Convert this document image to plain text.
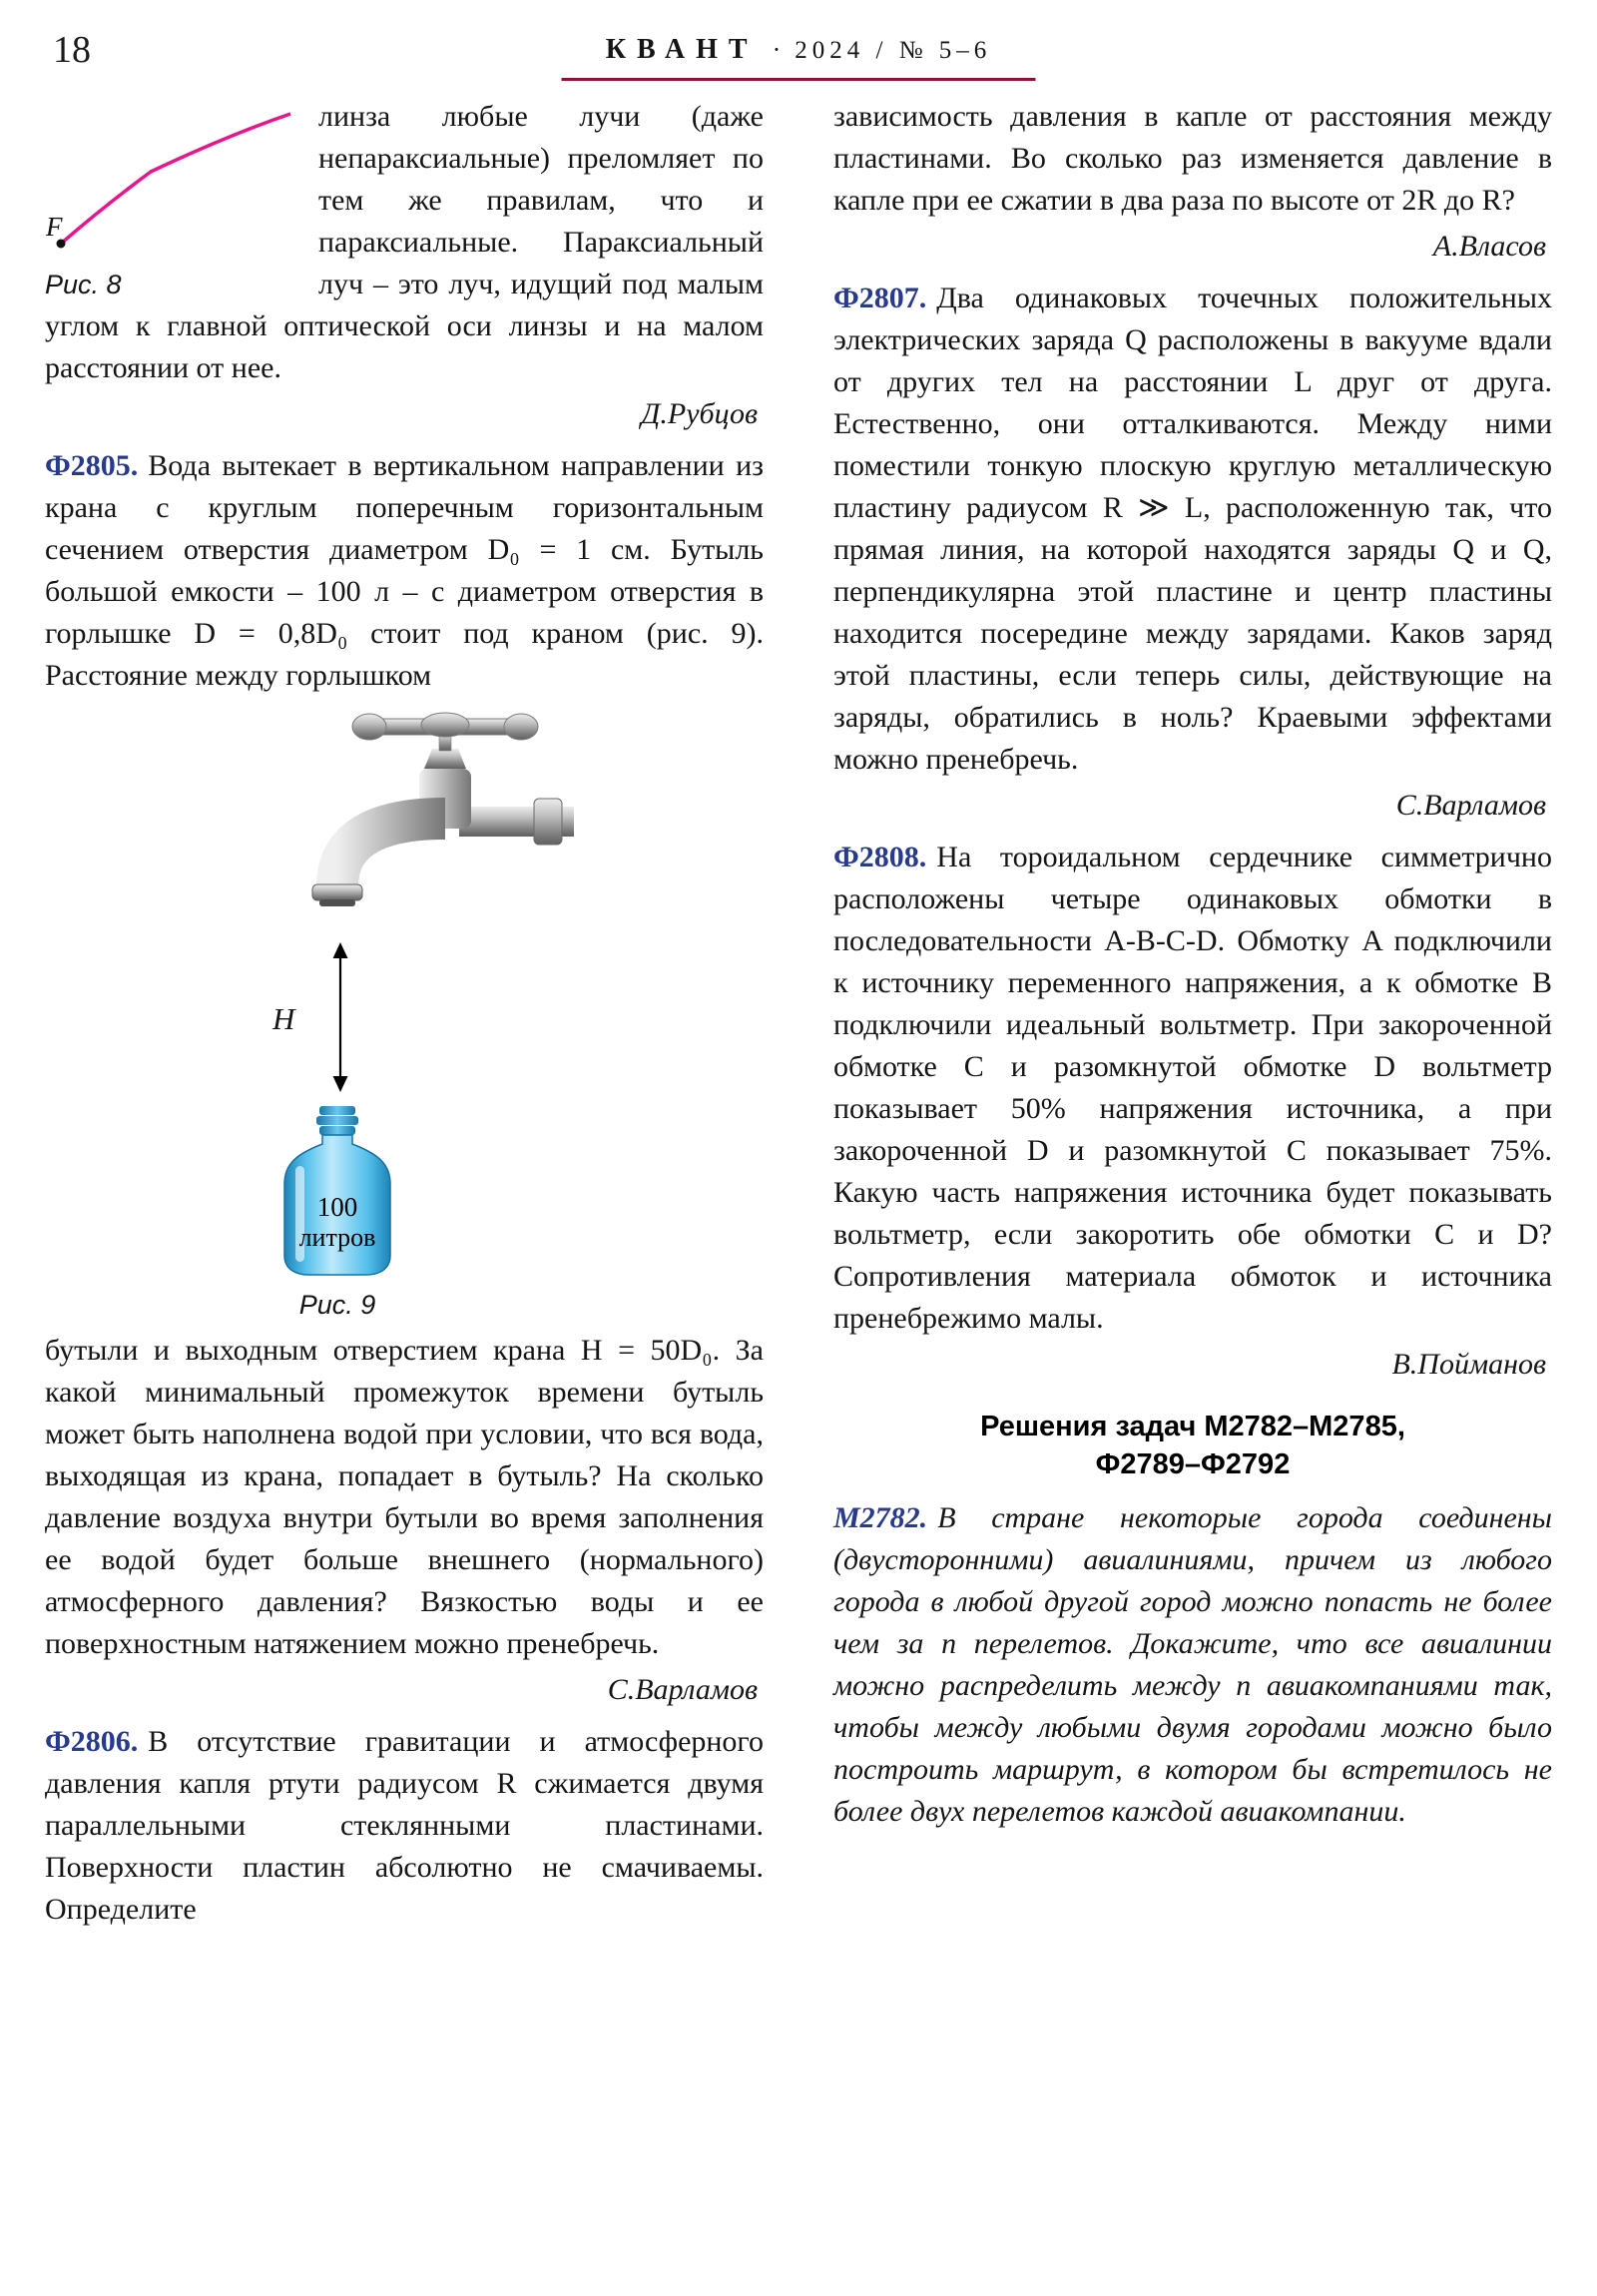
18	КВАНТ · 2024 / № 5–6
F
Рис. 8

линза любые лучи (даже непараксиальные) преломляет по тем же правилам, что и параксиальные. Параксиальный луч – это луч, идущий под малым углом к главной оптической оси линзы и на малом расстоянии от нее.

Д.Рубцов

Ф2805. Вода вытекает в вертикальном направлении из крана с круглым поперечным горизонтальным сечением отверстия диаметром D₀ = 1 см. Бутыль большой емкости – 100 л – с диаметром отверстия в горлышке D = 0,8D₀ стоит под краном (рис. 9). Расстояние между горлышком

H
100
литров
Рис. 9

бутыли и выходным отверстием крана H = 50D₀. За какой минимальный промежуток времени бутыль может быть наполнена водой при условии, что вся вода, выходящая из крана, попадает в бутыль? На сколько давление воздуха внутри бутыли во время заполнения ее водой будет больше внешнего (нормального) атмосферного давления? Вязкостью воды и ее поверхностным натяжением можно пренебречь.

С.Варламов

Ф2806. В отсутствие гравитации и атмосферного давления капля ртути радиусом R сжимается двумя параллельными стеклянными пластинами. Поверхности пластин абсолютно не смачиваемы. Определите

зависимость давления в капле от расстояния между пластинами. Во сколько раз изменяется давление в капле при ее сжатии в два раза по высоте от 2R до R?

А.Власов

Ф2807. Два одинаковых точечных положительных электрических заряда Q расположены в вакууме вдали от других тел на расстоянии L друг от друга. Естественно, они отталкиваются. Между ними поместили тонкую плоскую круглую металлическую пластину радиусом R ≫ L, расположенную так, что прямая линия, на которой находятся заряды Q и Q, перпендикулярна этой пластине и центр пластины находится посередине между зарядами. Каков заряд этой пластины, если теперь силы, действующие на заряды, обратились в ноль? Краевыми эффектами можно пренебречь.

С.Варламов

Ф2808. На тороидальном сердечнике симметрично расположены четыре одинаковых обмотки в последовательности A-B-C-D. Обмотку A подключили к источнику переменного напряжения, а к обмотке B подключили идеальный вольтметр. При закороченной обмотке C и разомкнутой обмотке D вольтметр показывает 50% напряжения источника, а при закороченной D и разомкнутой C показывает 75%. Какую часть напряжения источника будет показывать вольтметр, если закоротить обе обмотки C и D? Сопротивления материала обмоток и источника пренебрежимо малы.

В.Пойманов
Решения задач М2782–М2785,
Ф2789–Ф2792

М2782. В стране некоторые города соединены (двусторонними) авиалиниями, причем из любого города в любой другой город можно попасть не более чем за n перелетов. Докажите, что все авиалинии можно распределить между n авиакомпаниями так, чтобы между любыми двумя городами можно было построить маршрут, в котором бы встретилось не более двух перелетов каждой авиакомпании.
